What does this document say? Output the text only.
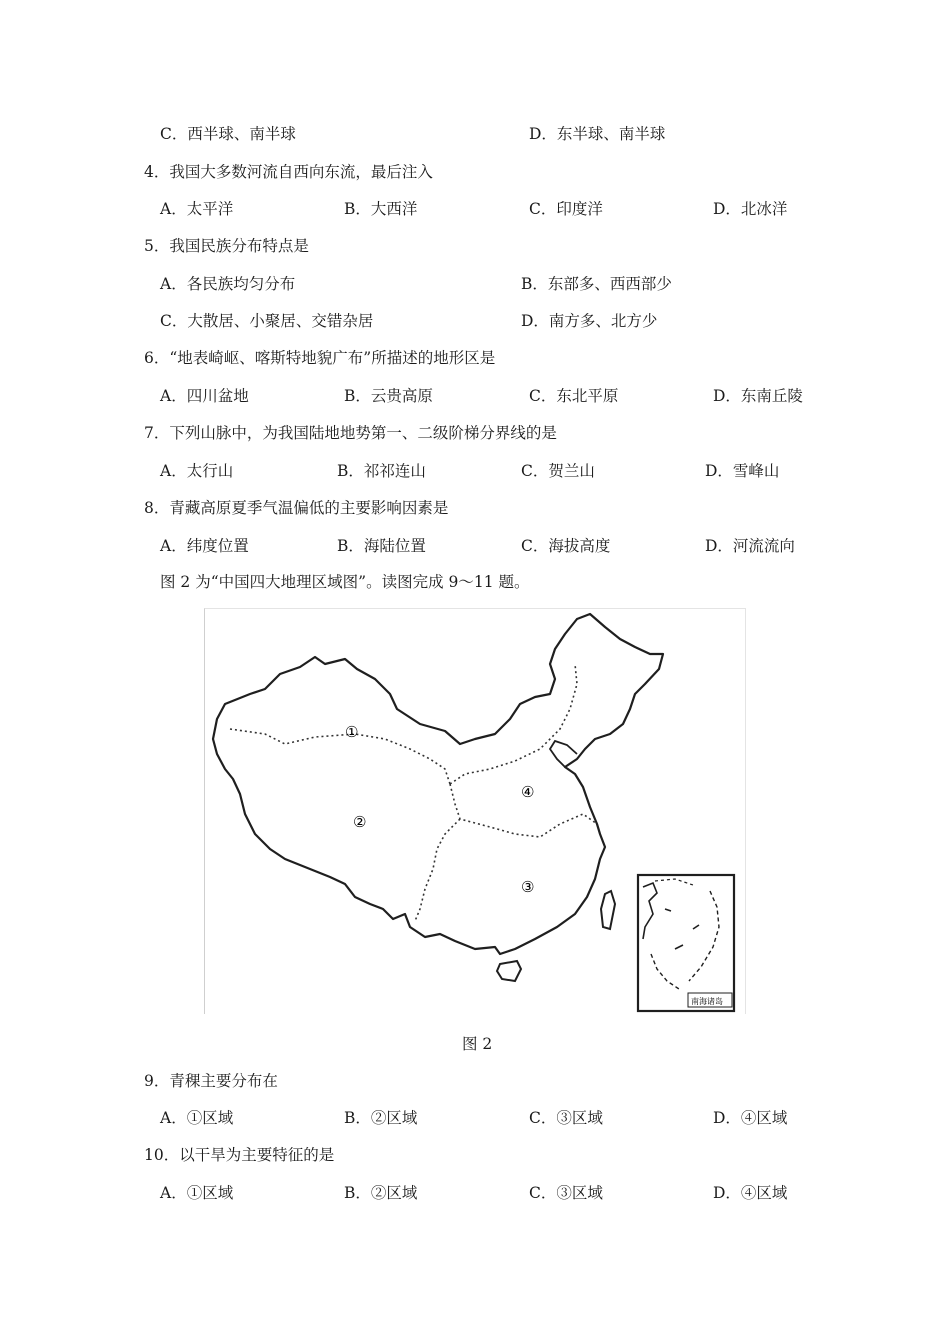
C．西半球、南半球	D．东半球、南半球
4．我国大多数河流自西向东流，最后注入
A．太平洋	B．大西洋	C．印度洋	D．北冰洋
5．我国民族分布特点是
A．各民族均匀分布	B．东部多、西西部少
C．大散居、小聚居、交错杂居	D．南方多、北方少
6．“地表崎岖、喀斯特地貌广布”所描述的地形区是
A．四川盆地	B．云贵高原	C．东北平原	D．东南丘陵
7．下列山脉中，为我国陆地地势第一、二级阶梯分界线的是
A．太行山	B．祁祁连山	C．贺兰山	D．雪峰山
8．青藏高原夏季气温偏低的主要影响因素是
A．纬度位置	B．海陆位置	C．海拔高度	D．河流流向
图 2 为“中国四大地理区域图”。读图完成 9～11 题。
①
②
③
④
南海诸岛
图 2
9．青稞主要分布在
A．①区域	B．②区域	C．③区域	D．④区域
10．以干旱为主要特征的是
A．①区域	B．②区域	C．③区域	D．④区域
